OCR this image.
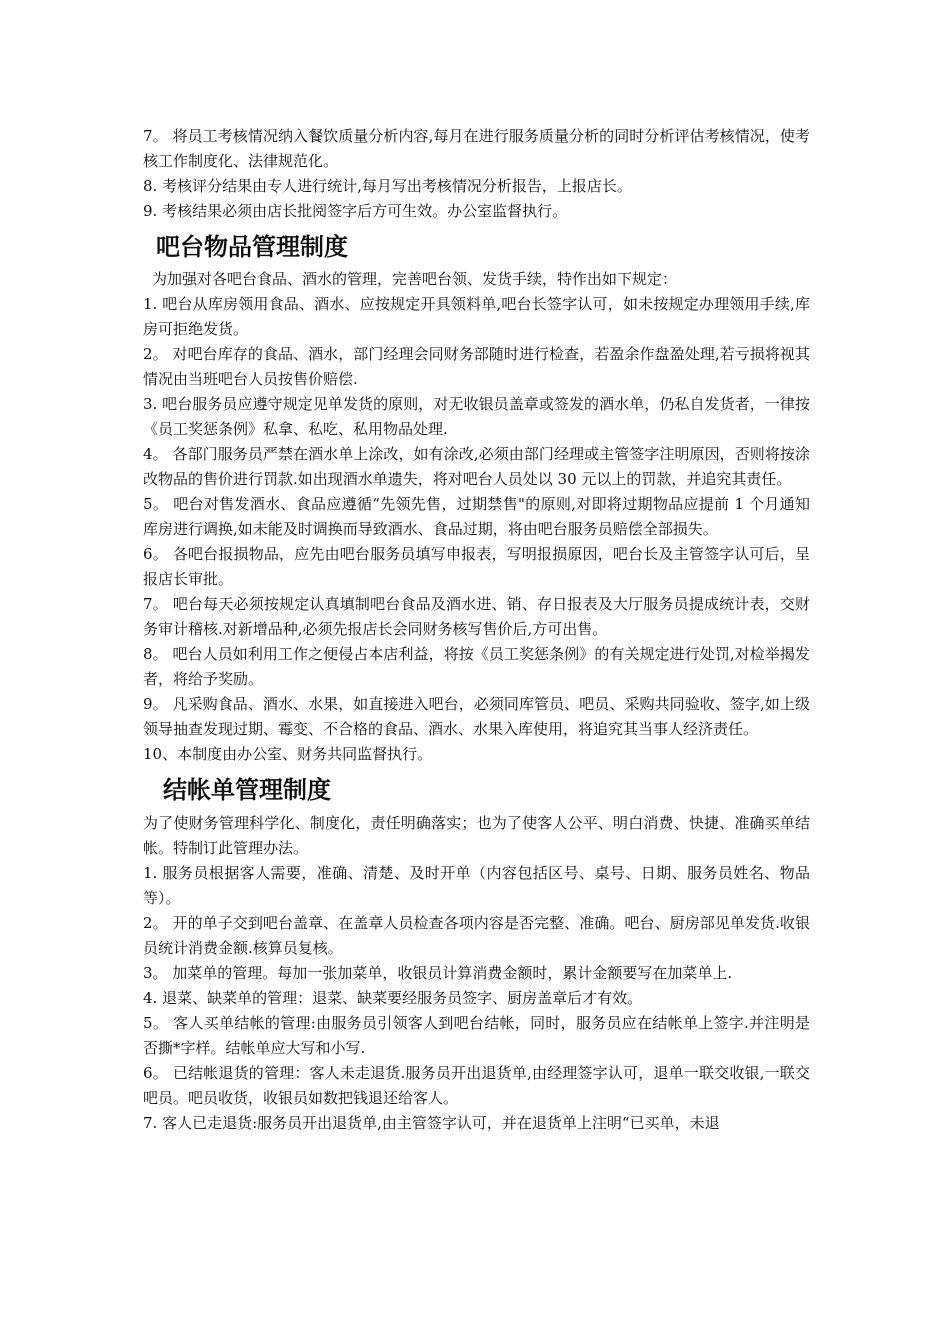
7。 将员工考核情况纳入餐饮质量分析内容,每月在进行服务质量分析的同时分析评估考核情况，使考核工作制度化、法律规范化。

8. 考核评分结果由专人进行统计,每月写出考核情况分析报告，上报店长。

9. 考核结果必须由店长批阅签字后方可生效。办公室监督执行。

吧台物品管理制度

为加强对各吧台食品、酒水的管理，完善吧台领、发货手续，特作出如下规定：

1. 吧台从库房领用食品、酒水、应按规定开具领料单,吧台长签字认可，如未按规定办理领用手续,库房可拒绝发货。

2。 对吧台库存的食品、酒水，部门经理会同财务部随时进行检查，若盈余作盘盈处理,若亏损将视其情况由当班吧台人员按售价赔偿.

3. 吧台服务员应遵守规定见单发货的原则，对无收银员盖章或签发的酒水单，仍私自发货者，一律按《员工奖惩条例》私拿、私吃、私用物品处理.

4。 各部门服务员严禁在酒水单上涂改，如有涂改,必须由部门经理或主管签字注明原因，否则将按涂改物品的售价进行罚款.如出现酒水单遗失，将对吧台人员处以 30 元以上的罚款，并追究其责任。

5。 吧台对售发酒水、食品应遵循“先领先售，过期禁售"的原则,对即将过期物品应提前 1 个月通知库房进行调换,如未能及时调换而导致酒水、食品过期，将由吧台服务员赔偿全部损失。

6。 各吧台报损物品，应先由吧台服务员填写申报表，写明报损原因，吧台长及主管签字认可后，呈报店长审批。

7。 吧台每天必须按规定认真填制吧台食品及酒水进、销、存日报表及大厅服务员提成统计表，交财务审计稽核.对新增品种,必须先报店长会同财务核写售价后,方可出售。

8。 吧台人员如利用工作之便侵占本店利益，将按《员工奖惩条例》的有关规定进行处罚,对检举揭发者，将给予奖励。

9。 凡采购食品、酒水、水果，如直接进入吧台，必须同库管员、吧员、采购共同验收、签字,如上级领导抽查发现过期、霉变、不合格的食品、酒水、水果入库使用，将追究其当事人经济责任。

10、本制度由办公室、财务共同监督执行。

结帐单管理制度

为了使财务管理科学化、制度化，责任明确落实；也为了使客人公平、明白消费、快捷、准确买单结帐。特制订此管理办法。

1. 服务员根据客人需要，准确、清楚、及时开单（内容包括区号、桌号、日期、服务员姓名、物品等）。

2。 开的单子交到吧台盖章、在盖章人员检查各项内容是否完整、准确。吧台、厨房部见单发货.收银员统计消费金额.核算员复核。

3。 加菜单的管理。每加一张加菜单，收银员计算消费金额时，累计金额要写在加菜单上.

4. 退菜、缺菜单的管理：退菜、缺菜要经服务员签字、厨房盖章后才有效。

5。 客人买单结帐的管理:由服务员引领客人到吧台结帐，同时，服务员应在结帐单上签字.并注明是否撕*字样。结帐单应大写和小写.

6。 已结帐退货的管理：客人未走退货.服务员开出退货单,由经理签字认可，退单一联交收银,一联交吧员。吧员收货，收银员如数把钱退还给客人。

7. 客人已走退货:服务员开出退货单,由主管签字认可，并在退货单上注明“已买单，未退
